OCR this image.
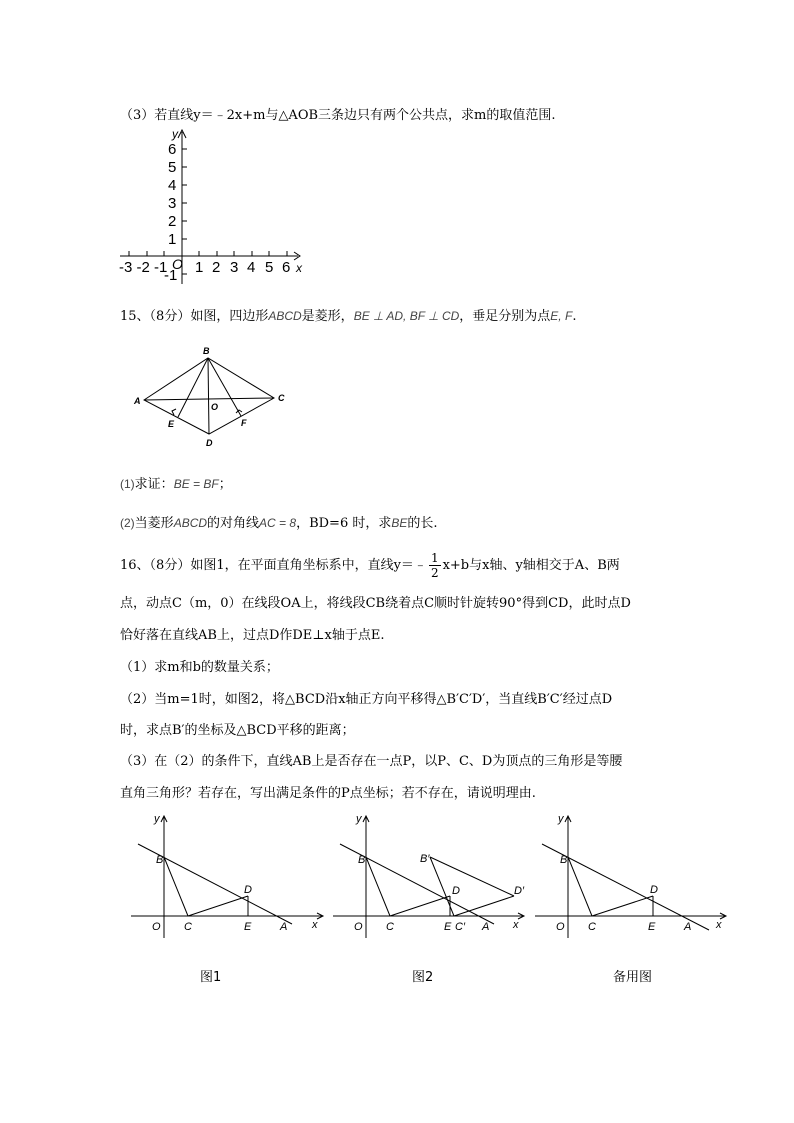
（3）若直线y＝﹣2x+m与△AOB三条边只有两个公共点，求m的取值范围.
y
6
5
4
3
2
1
-1
-3 -2 -1 O 1 2 3 4 5 6 x
15、（8分）如图，四边形ABCD是菱形，BE ⊥ AD, BF ⊥ CD，垂足分别为点E, F.
B
A	C
O
E	F
D
(1)求证：BE = BF；
(2)当菱形ABCD的对角线AC = 8，BD=6 时，求BE的长.
16、（8分）如图1，在平面直角坐标系中，直线y＝﹣ $\frac{1}{2} x+b$与x轴、y轴相交于A、B两
点，动点C（m，0）在线段OA上，将线段CB绕着点C顺时针旋转90°得到CD，此时点D
恰好落在直线AB上，过点D作DE⊥x轴于点E.
（1）求m和b的数量关系；
（2）当m=1时，如图2，将△BCD沿x轴正方向平移得△B′C′D′，当直线B′C′经过点D
时，求点B′的坐标及△BCD平移的距离；
（3）在（2）的条件下，直线AB上是否存在一点P，以P、C、D为顶点的三角形是等腰
直角三角形？若存在，写出满足条件的P点坐标；若不存在，请说明理由.
y
B
D
O C	E	A x
图1
y
B	B′
D	D′
O C	E C′ A x
图2
y
B
D
O C	E	A x
备用图
